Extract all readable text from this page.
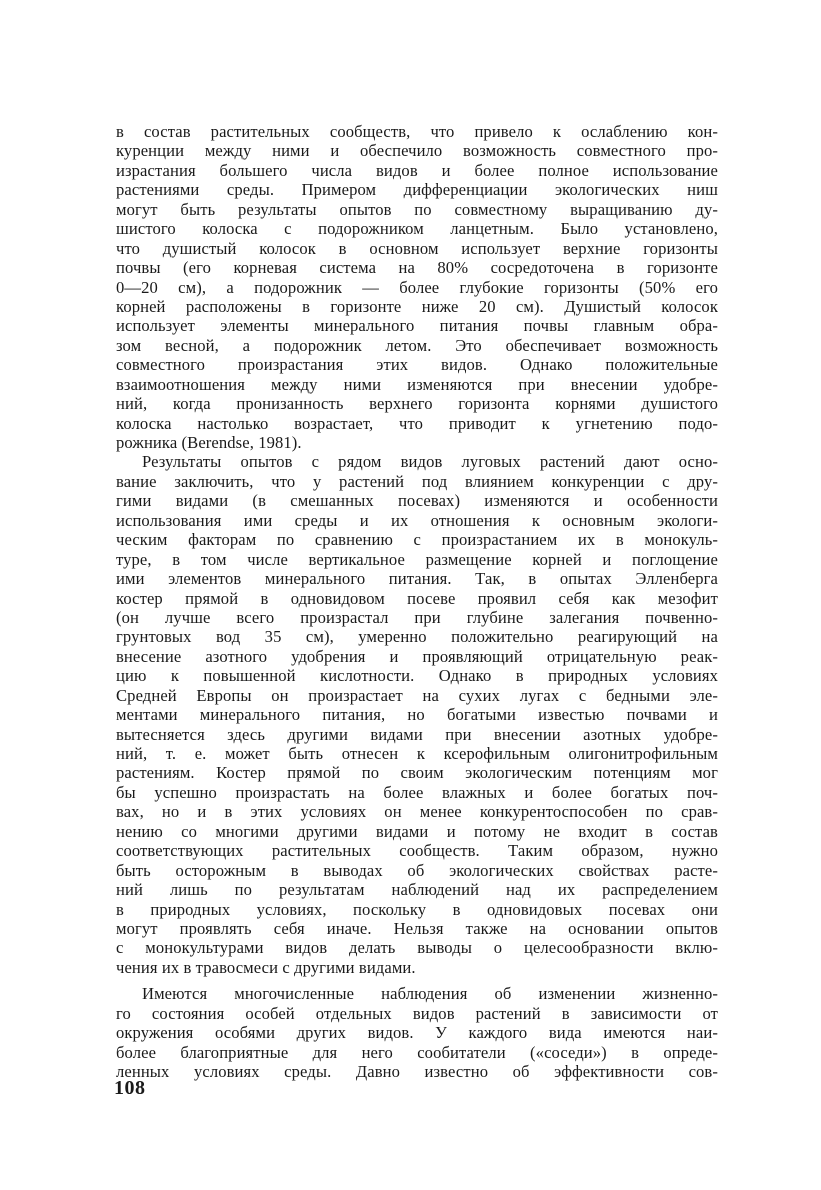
в состав растительных сообществ, что привело к ослаблению кон-
куренции между ними и обеспечило возможность совместного про-
израстания большего числа видов и более полное использование
растениями среды. Примером дифференциации экологических ниш
могут быть результаты опытов по совместному выращиванию ду-
шистого колоска с подорожником ланцетным. Было установлено,
что душистый колосок в основном использует верхние горизонты
почвы (его корневая система на 80% сосредоточена в горизонте
0—20 см), а подорожник — более глубокие горизонты (50% его
корней расположены в горизонте ниже 20 см). Душистый колосок
использует элементы минерального питания почвы главным обра-
зом весной, а подорожник летом. Это обеспечивает возможность
совместного произрастания этих видов. Однако положительные
взаимоотношения между ними изменяются при внесении удобре-
ний, когда пронизанность верхнего горизонта корнями душистого
колоска настолько возрастает, что приводит к угнетению подо-
рожника (Berendse, 1981).
Результаты опытов с рядом видов луговых растений дают осно-
вание заключить, что у растений под влиянием конкуренции с дру-
гими видами (в смешанных посевах) изменяются и особенности
использования ими среды и их отношения к основным экологи-
ческим факторам по сравнению с произрастанием их в монокуль-
туре, в том числе вертикальное размещение корней и поглощение
ими элементов минерального питания. Так, в опытах Элленберга
костер прямой в одновидовом посеве проявил себя как мезофит
(он лучше всего произрастал при глубине залегания почвенно-
грунтовых вод 35 см), умеренно положительно реагирующий на
внесение азотного удобрения и проявляющий отрицательную реак-
цию к повышенной кислотности. Однако в природных условиях
Средней Европы он произрастает на сухих лугах с бедными эле-
ментами минерального питания, но богатыми известью почвами и
вытесняется здесь другими видами при внесении азотных удобре-
ний, т. е. может быть отнесен к ксерофильным олигонитрофильным
растениям. Костер прямой по своим экологическим потенциям мог
бы успешно произрастать на более влажных и более богатых поч-
вах, но и в этих условиях он менее конкурентоспособен по срав-
нению со многими другими видами и потому не входит в состав
соответствующих растительных сообществ. Таким образом, нужно
быть осторожным в выводах об экологических свойствах расте-
ний лишь по результатам наблюдений над их распределением
в природных условиях, поскольку в одновидовых посевах они
могут проявлять себя иначе. Нельзя также на основании опытов
с монокультурами видов делать выводы о целесообразности вклю-
чения их в травосмеси с другими видами.
Имеются многочисленные наблюдения об изменении жизненно-
го состояния особей отдельных видов растений в зависимости от
окружения особями других видов. У каждого вида имеются наи-
более благоприятные для него сообитатели («соседи») в опреде-
ленных условиях среды. Давно известно об эффективности сов-
108
